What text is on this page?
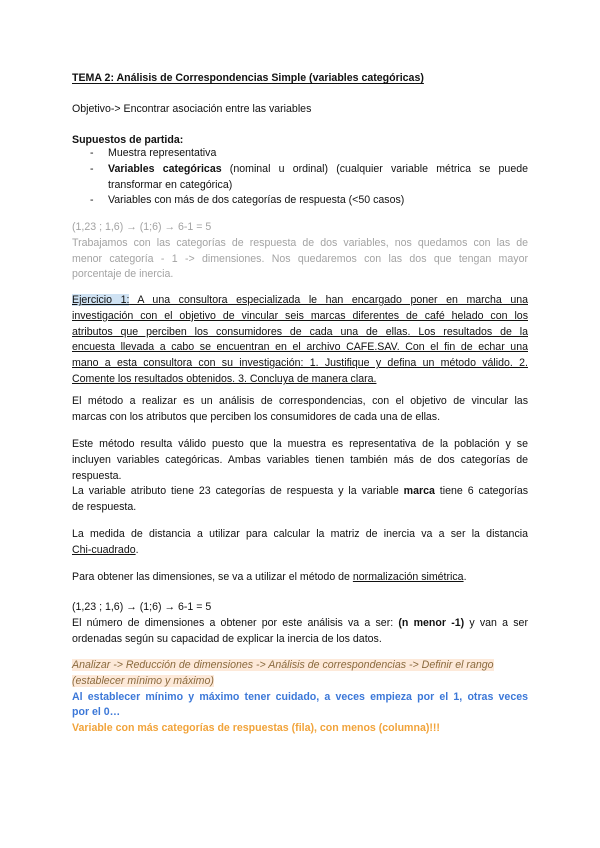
TEMA 2: Análisis de Correspondencias Simple (variables categóricas)

Objetivo-> Encontrar asociación entre las variables

Supuestos de partida:

- Muestra representativa
- Variables categóricas (nominal u ordinal) (cualquier variable métrica se puede
transformar en categórica)
- Variables con más de dos categorías de respuesta (<50 casos)

(1,23 ; 1,6) → (1;6) → 6-1 = 5

Trabajamos con las categorías de respuesta de dos variables, nos quedamos con las de

menor categoría - 1 -> dimensiones. Nos quedaremos con las dos que tengan mayor

porcentaje de inercia.

Ejercicio 1: A una consultora especializada le han encargado poner en marcha una

investigación con el objetivo de vincular seis marcas diferentes de café helado con los

atributos que perciben los consumidores de cada una de ellas. Los resultados de la

encuesta llevada a cabo se encuentran en el archivo CAFE.SAV. Con el fin de echar una

mano a esta consultora con su investigación: 1. Justifique y defina un método válido. 2.

Comente los resultados obtenidos. 3. Concluya de manera clara.

El método a realizar es un análisis de correspondencias, con el objetivo de vincular las

marcas con los atributos que perciben los consumidores de cada una de ellas.

Este método resulta válido puesto que la muestra es representativa de la población y se

incluyen variables categóricas. Ambas variables tienen también más de dos categorías de

respuesta.

La variable atributo tiene 23 categorías de respuesta y la variable marca tiene 6 categorías

de respuesta.

La medida de distancia a utilizar para calcular la matriz de inercia va a ser la distancia

Chi-cuadrado.

Para obtener las dimensiones, se va a utilizar el método de normalización simétrica.

(1,23 ; 1,6) → (1;6) → 6-1 = 5

El número de dimensiones a obtener por este análisis va a ser: (n menor -1) y van a ser

ordenadas según su capacidad de explicar la inercia de los datos.

Analizar -> Reducción de dimensiones -> Análisis de correspondencias -> Definir el rango

(establecer mínimo y máximo)

Al establecer mínimo y máximo tener cuidado, a veces empieza por el 1, otras veces

por el 0…

Variable con más categorías de respuestas (fila), con menos (columna)!!!
